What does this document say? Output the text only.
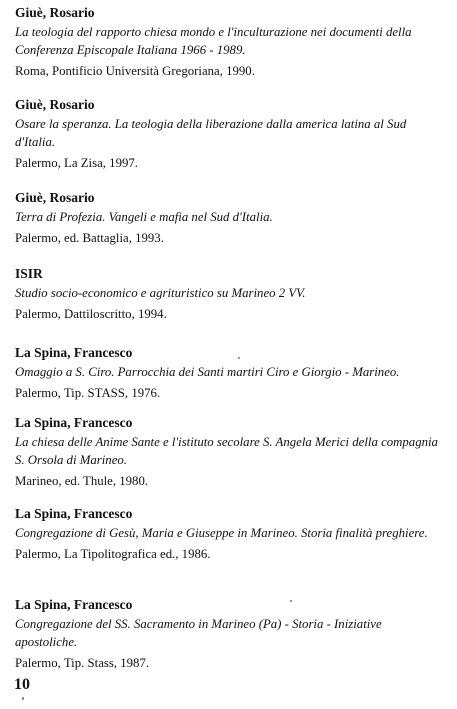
Giuè, Rosario
La teologia del rapporto chiesa mondo e l'inculturazione nei documenti della Conferenza Episcopale Italiana 1966 - 1989.
Roma, Pontificio Università Gregoriana, 1990.
Giuè, Rosario
Osare la speranza. La teologia della liberazione dalla america latina al Sud d'Italia.
Palermo, La Zisa, 1997.
Giuè, Rosario
Terra di Profezia. Vangeli e mafia nel Sud d'Italia.
Palermo, ed. Battaglia, 1993.
ISIR
Studio socio-economico e agrituristico su Marineo 2 VV.
Palermo, Dattiloscritto, 1994.
La Spina, Francesco
Omaggio a S. Ciro. Parrocchia dei Santi martiri Ciro e Giorgio - Marineo.
Palermo, Tip. STASS, 1976.
La Spina, Francesco
La chiesa delle Anime Sante e l'istituto secolare S. Angela Merici della compagnia S. Orsola di Marineo.
Marineo, ed. Thule, 1980.
La Spina, Francesco
Congregazione di Gesù, Maria e Giuseppe in Marineo. Storia finalità preghiere.
Palermo, La Tipolitografica ed., 1986.
La Spina, Francesco
Congregazione del SS. Sacramento in Marineo (Pa) - Storia - Iniziative apostoliche.
Palermo, Tip. Stass, 1987.
10
